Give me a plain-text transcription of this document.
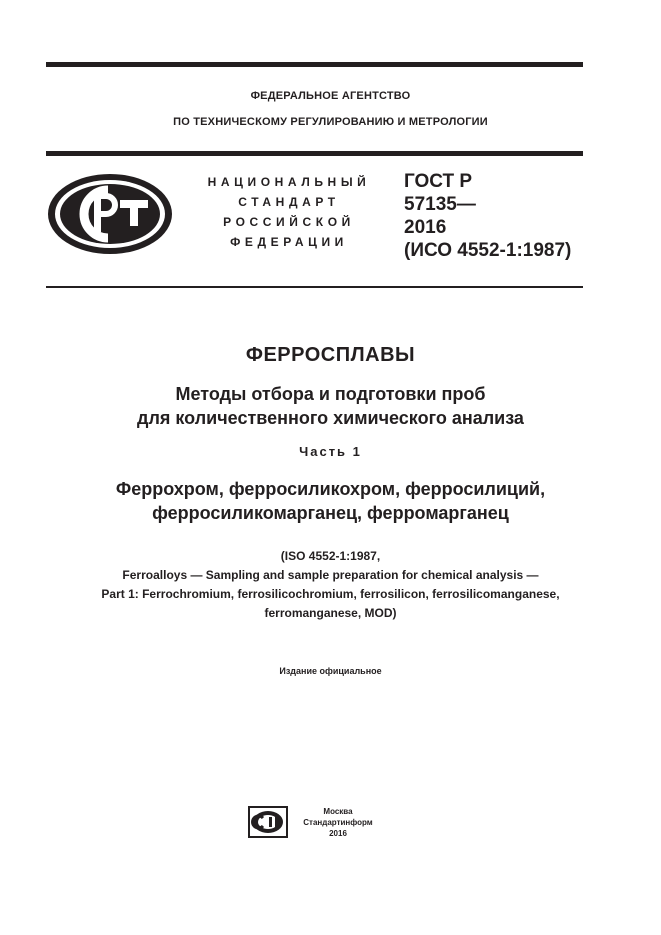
ФЕДЕРАЛЬНОЕ АГЕНТСТВО
ПО ТЕХНИЧЕСКОМУ РЕГУЛИРОВАНИЮ И МЕТРОЛОГИИ
НАЦИОНАЛЬНЫЙ
СТАНДАРТ
РОССИЙСКОЙ
ФЕДЕРАЦИИ
ГОСТ Р
57135—
2016
(ИСО 4552-1:1987)
ФЕРРОСПЛАВЫ
Методы отбора и подготовки проб
для количественного химического анализа
Часть 1
Феррохром, ферросиликохром, ферросилиций,
ферросиликомарганец, ферромарганец
(ISO 4552-1:1987,
Ferroalloys — Sampling and sample preparation for chemical analysis —
Part 1: Ferrochromium, ferrosilicochromium, ferrosilicon, ferrosilicomanganese,
ferromanganese, MOD)
Издание официальное
Москва
Стандартинформ
2016
